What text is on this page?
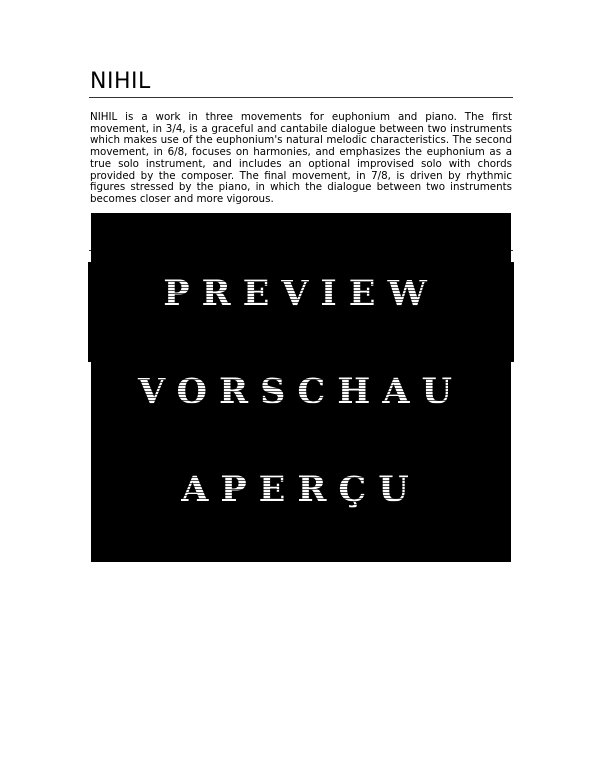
NIHIL

NIHIL is a work in three movements for euphonium and piano. The first movement, in 3/4, is a graceful and cantabile dialogue between two instruments which makes use of the euphonium's natural melodic characteristics. The second movement, in 6/8, focuses on harmonies, and emphasizes the euphonium as a true solo instrument, and includes an optional improvised solo with chords provided by the composer. The final movement, in 7/8, is driven by rhythmic figures stressed by the piano, in which the dialogue between two instruments becomes closer and more vigorous.

PREVIEW
VORSCHAU
APERÇU
